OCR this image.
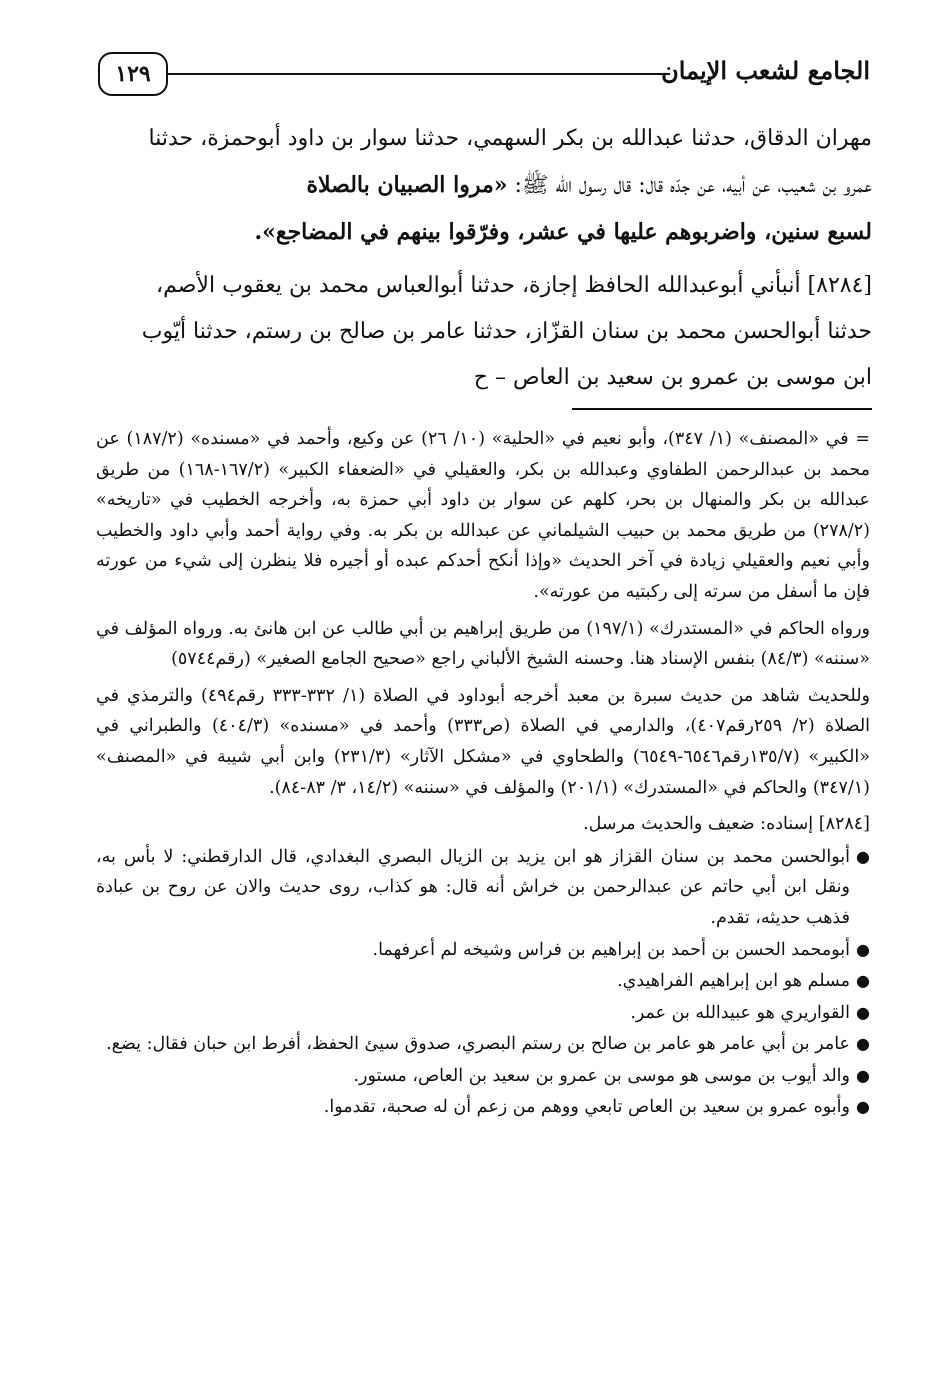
الجامع لشعب الإيمان
١٢٩

مهران الدقاق، حدثنا عبدالله بن بكر السهمي، حدثنا سوار بن داود أبوحمزة، حدثنا

عمرو بن شعيب، عن أبيه، عن جدّه قال: قال رسول الله ﷺ: «مروا الصبيان بالصلاة

لسبع سنين، واضربوهم عليها في عشر، وفرّقوا بينهم في المضاجع».

[٨٢٨٤] أنبأني أبوعبدالله الحافظ إجازة، حدثنا أبوالعباس محمد بن يعقوب الأصم،

حدثنا أبوالحسن محمد بن سنان القزّاز، حدثنا عامر بن صالح بن رستم، حدثنا أيّوب

ابن موسى بن عمرو بن سعيد بن العاص – ح

= في «المصنف» (١/ ٣٤٧)، وأبو نعيم في «الحلية» (١٠/ ٢٦) عن وكيع، وأحمد في «مسنده» (١٨٧/٢) عن محمد بن عبدالرحمن الطفاوي وعبدالله بن بكر، والعقيلي في «الضعفاء الكبير» (١٦٧/٢-١٦٨) من طريق عبدالله بن بكر والمنهال بن بحر، كلهم عن سوار بن داود أبي حمزة به، وأخرجه الخطيب في «تاريخه» (٢٧٨/٢) من طريق محمد بن حبيب الشيلماني عن عبدالله بن بكر به. وفي رواية أحمد وأبي داود والخطيب وأبي نعيم والعقيلي زيادة في آخر الحديث «وإذا أنكح أحدكم عبده أو أجيره فلا ينظرن إلى شيء من عورته فإن ما أسفل من سرته إلى ركبتيه من عورته».

ورواه الحاكم في «المستدرك» (١٩٧/١) من طريق إبراهيم بن أبي طالب عن ابن هانئ به. ورواه المؤلف في «سننه» (٨٤/٣) بنفس الإسناد هنا. وحسنه الشيخ الألباني راجع «صحيح الجامع الصغير» (رقم٥٧٤٤)

وللحديث شاهد من حديث سبرة بن معبد أخرجه أبوداود في الصلاة (١/ ٣٣٢-٣٣٣ رقم٤٩٤) والترمذي في الصلاة (٢/ ٢٥٩رقم٤٠٧)، والدارمي في الصلاة (ص٣٣٣) وأحمد في «مسنده» (٤٠٤/٣) والطبراني في «الكبير» (١٣٥/٧رقم٦٥٤٦-٦٥٤٩) والطحاوي في «مشكل الآثار» (٢٣١/٣) وابن أبي شيبة في «المصنف» (٣٤٧/١) والحاكم في «المستدرك» (٢٠١/١) والمؤلف في «سننه» (١٤/٢، ٣/ ٨٣-٨٤).

[٨٢٨٤] إسناده: ضعيف والحديث مرسل.

●
أبوالحسن محمد بن سنان القزاز هو ابن يزيد بن الزيال البصري البغدادي، قال الدارقطني: لا بأس به، ونقل ابن أبي حاتم عن عبدالرحمن بن خراش أنه قال: هو كذاب، روى حديث والان عن روح بن عبادة فذهب حديثه، تقدم.
●
أبومحمد الحسن بن أحمد بن إبراهيم بن فراس وشيخه لم أعرفهما.
●
مسلم هو ابن إبراهيم الفراهيدي.
●
القواريري هو عبيدالله بن عمر.
●
عامر بن أبي عامر هو عامر بن صالح بن رستم البصري، صدوق سيئ الحفظ، أفرط ابن حبان فقال: يضع.
●
والد أيوب بن موسى هو موسى بن عمرو بن سعيد بن العاص، مستور.
●
وأبوه عمرو بن سعيد بن العاص تابعي ووهم من زعم أن له صحبة، تقدموا.
